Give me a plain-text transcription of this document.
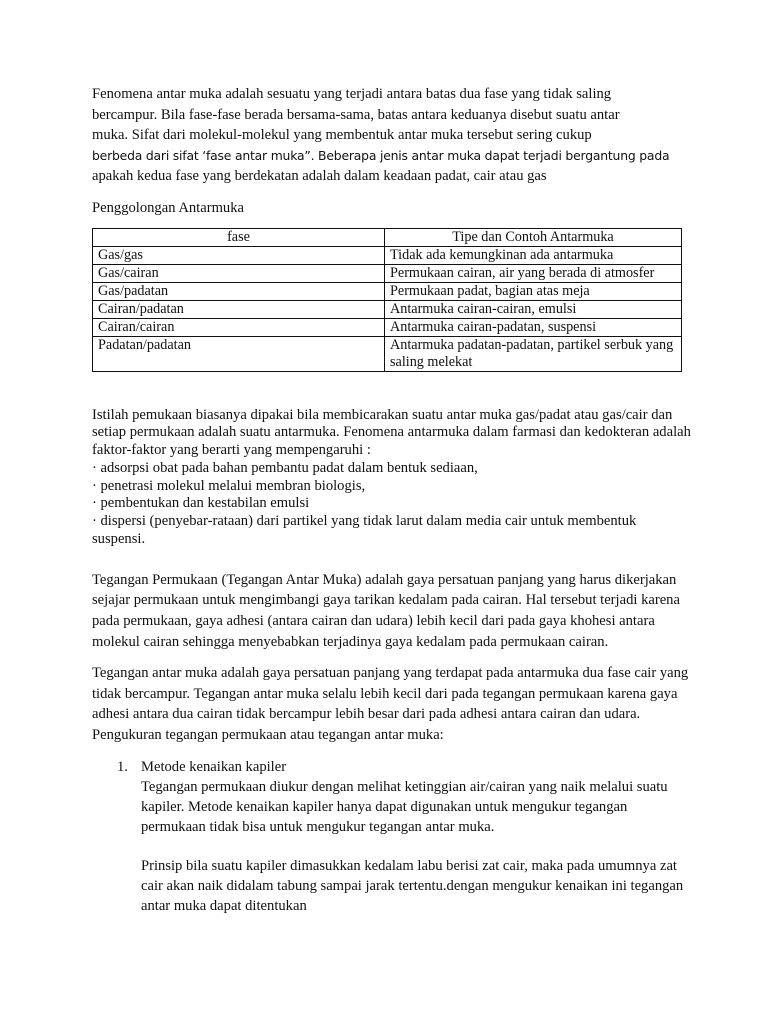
Fenomena antar muka adalah sesuatu yang terjadi antara batas dua fase yang tidak saling

bercampur. Bila fase-fase berada bersama-sama, batas antara keduanya disebut suatu antar

muka. Sifat dari molekul-molekul yang membentuk antar muka tersebut sering cukup

berbeda dari sifat ‘fase antar muka”. Beberapa jenis antar muka dapat terjadi bergantung pada

apakah kedua fase yang berdekatan adalah dalam keadaan padat, cair atau gas

Penggolongan Antarmuka

fase	Tipe dan Contoh Antarmuka
Gas/gas	Tidak ada kemungkinan ada antarmuka
Gas/cairan	Permukaan cairan, air yang berada di atmosfer
Gas/padatan	Permukaan padat, bagian atas meja
Cairan/padatan	Antarmuka cairan-cairan, emulsi
Cairan/cairan	Antarmuka cairan-padatan, suspensi
Padatan/padatan	Antarmuka padatan-padatan, partikel serbuk yang saling melekat

Istilah pemukaan biasanya dipakai bila membicarakan suatu antar muka gas/padat atau gas/cair dan setiap permukaan adalah suatu antarmuka. Fenomena antarmuka dalam farmasi dan kedokteran adalah faktor-faktor yang berarti yang mempengaruhi :

· adsorpsi obat pada bahan pembantu padat dalam bentuk sediaan,
· penetrasi molekul melalui membran biologis,
· pembentukan dan kestabilan emulsi
· dispersi (penyebar-rataan) dari partikel yang tidak larut dalam media cair untuk membentuk suspensi.

Tegangan Permukaan (Tegangan Antar Muka) adalah gaya persatuan panjang yang harus dikerjakan sejajar permukaan untuk mengimbangi gaya tarikan kedalam pada cairan. Hal tersebut terjadi karena pada permukaan, gaya adhesi (antara cairan dan udara) lebih kecil dari pada gaya khohesi antara molekul cairan sehingga menyebabkan terjadinya gaya kedalam pada permukaan cairan.

Tegangan antar muka adalah gaya persatuan panjang yang terdapat pada antarmuka dua fase cair yang tidak bercampur. Tegangan antar muka selalu lebih kecil dari pada tegangan permukaan karena gaya adhesi antara dua cairan tidak bercampur lebih besar dari pada adhesi antara cairan dan udara. Pengukuran tegangan permukaan atau tegangan antar muka:

1. Metode kenaikan kapiler

Tegangan permukaan diukur dengan melihat ketinggian air/cairan yang naik melalui suatu kapiler. Metode kenaikan kapiler hanya dapat digunakan untuk mengukur tegangan permukaan tidak bisa untuk mengukur tegangan antar muka.

Prinsip bila suatu kapiler dimasukkan kedalam labu berisi zat cair, maka pada umumnya zat cair akan naik didalam tabung sampai jarak tertentu.dengan mengukur kenaikan ini tegangan antar muka dapat ditentukan
